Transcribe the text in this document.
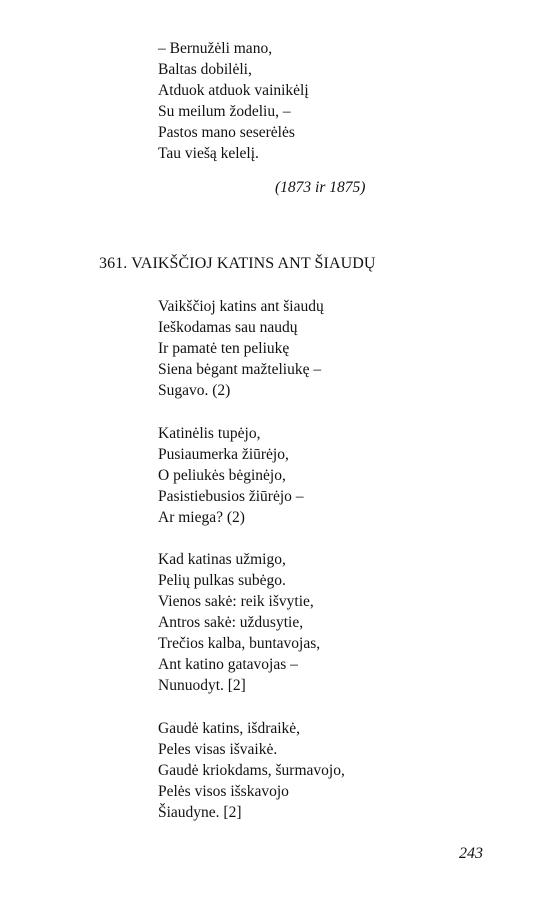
– Bernužėli mano,
Baltas dobilėli,
Atduok atduok vainikėlį
Su meilum žodeliu, –
Pastos mano seserėlės
Tau viešą kelelį.
(1873 ir 1875)
361. VAIKŠČIOJ KATINS ANT ŠIAUDŲ
Vaikščioj katins ant šiaudų
Ieškodamas sau naudų
Ir pamatė ten peliukę
Siena bėgant mažteliukę –
Sugavo. (2)
Katinėlis tupėjo,
Pusiaumerka žiūrėjo,
O peliukės bėginėjo,
Pasistiebusios žiūrėjo –
Ar miega? (2)
Kad katinas užmigo,
Pelių pulkas subėgo.
Vienos sakė: reik išvytie,
Antros sakė: uždusytie,
Trečios kalba, buntavojas,
Ant katino gatavojas –
Nunuodyt. [2]
Gaudė katins, išdraikė,
Peles visas išvaikė.
Gaudė kriokdams, šurmavojo,
Pelės visos išskavojo
Šiaudyne. [2]
243
